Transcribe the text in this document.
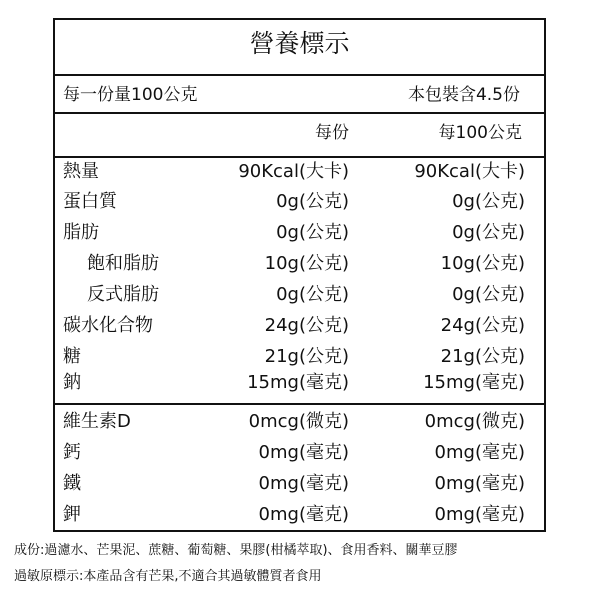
營養標示
每一份量100公克	本包裝含4.5份
每份	每100公克
熱量	90Kcal(大卡)	90Kcal(大卡)
蛋白質	0g(公克)	0g(公克)
脂肪	0g(公克)	0g(公克)
飽和脂肪	10g(公克)	10g(公克)
反式脂肪	0g(公克)	0g(公克)
碳水化合物	24g(公克)	24g(公克)
糖	21g(公克)	21g(公克)
鈉	15mg(毫克)	15mg(毫克)
維生素D	0mcg(微克)	0mcg(微克)
鈣	0mg(毫克)	0mg(毫克)
鐵	0mg(毫克)	0mg(毫克)
鉀	0mg(毫克)	0mg(毫克)
成份:過濾水、芒果泥、蔗糖、葡萄糖、果膠(柑橘萃取)、食用香料、關華豆膠
過敏原標示:本產品含有芒果,不適合其過敏體質者食用
